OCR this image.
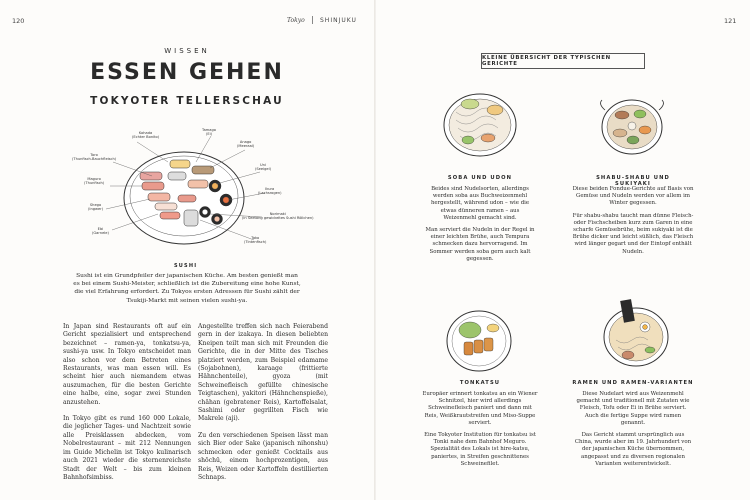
120	Tokyo	SHINJUKU	121
WISSEN
ESSEN GEHEN
TOKYOTER TELLERSCHAU
Kohada
(Echter Bonito)
Tamago
(Ei)
Anago
(Meeraal)
Toro
(Thunfisch-Bauchfleisch)
Uni
(Seeigel)
Maguro
(Thunfisch)
Ikura
(Lachsrogen)
Shego
(Ingwer)
Norimaki
(in Seetang gewickeltes Sushi Röllchen)
Ebi
(Garnele)
Tako
(Tintenfisch)
SUSHI
Sushi ist ein Grundpfeiler der japanischen Küche. Am besten genießt man es bei einem Sushi-Meister, schließlich ist die Zubereitung eine hohe Kunst, die viel Erfahrung erfordert. Zu Tokyos ersten Adressen für Sushi zählt der Tsukiji-Markt mit seinen vielen sushi-ya.

In Japan sind Restaurants oft auf ein Gericht spezialisiert und entsprechend bezeichnet – ramen-ya, tonkatsu-ya, sushi-ya usw. In Tokyo entscheidet man also schon vor dem Betreten eines Restaurants, was man essen will. Es scheint hier auch niemandem etwas auszumachen, für die besten Gerichte eine halbe, eine, sogar zwei Stunden anzustehen.

In Tokyo gibt es rund 160 000 Lokale, die jeglicher Tages- und Nachtzeit sowie alle Preisklassen abdecken, vom Nobelrestaurant – mit 212 Nennungen im Guide Michelin ist Tokyo kulinarisch auch 2021 wieder die sternenreichste Stadt der Welt – bis zum kleinen Bahnhofsimbiss.

Angestellte treffen sich nach Feierabend gern in der izakaya. In diesen beliebten Kneipen teilt man sich mit Freunden die Gerichte, die in der Mitte des Tisches platziert werden, zum Beispiel edamame (Sojabohnen), karaage (frittierte Hähnchenteile), gyoza (mit Schweinefleisch gefüllte chinesische Teigtaschen), yakitori (Hähnchenspieße), chāhan (gebratener Reis), Kartoffelsalat, Sashimi oder gegrillten Fisch wie Makrele (aji).

Zu den verschiedenen Speisen lässt man sich Bier oder Sake (japanisch nihonshu) schmecken oder genießt Cocktails aus shōchū, einem hochprozentigen, aus Reis, Weizen oder Kartoffeln destillierten Schnaps.

KLEINE ÜBERSICHT DER TYPISCHEN GERICHTE
SOBA UND UDON

Beides sind Nudelsorten, allerdings werden soba aus Buchweizenmehl hergestellt, während udon – wie die etwas dünneren ramen – aus Weizenmehl gemacht sind.

Man serviert die Nudeln in der Regel in einer leichten Brühe, auch Tempura schmecken dazu hervorragend. Im Sommer werden soba gern auch kalt gegessen.

SHABU-SHABU UND SUKIYAKI

Diese beiden Fondue-Gerichte auf Basis von Gemüse und Nudeln werden vor allem im Winter gegessen.

Für shabu-shabu taucht man dünne Fleisch- oder Fischscheiben kurz zum Garen in eine scharfe Gemüsebrühe, beim sukiyaki ist die Brühe dicker und leicht süßlich, das Fleisch wird länger gegart und der Eintopf enthält Nudeln.

TONKATSU

Europäer erinnert tonkatsu an ein Wiener Schnitzel, hier wird allerdings Schweinefleisch paniert und dann mit Reis, Weißkrautstreifen und Miso-Suppe serviert.

Eine Tokyoter Institution für tonkatsu ist Tonki nahe dem Bahnhof Meguro. Spezialität des Lokals ist hire-katsu, paniertes, in Streifen geschnittenes Schweinefilet.

RAMEN UND RAMEN-VARIANTEN

Diese Nudelart wird aus Weizenmehl gemacht und traditionell mit Zutaten wie Fleisch, Tofu oder Ei in Brühe serviert. Auch die fertige Suppe wird ramen genannt.

Das Gericht stammt ursprünglich aus China, wurde aber im 19. Jahrhundert von der japanischen Küche übernommen, angepasst und zu diversen regionalen Varianten weiterentwickelt.
